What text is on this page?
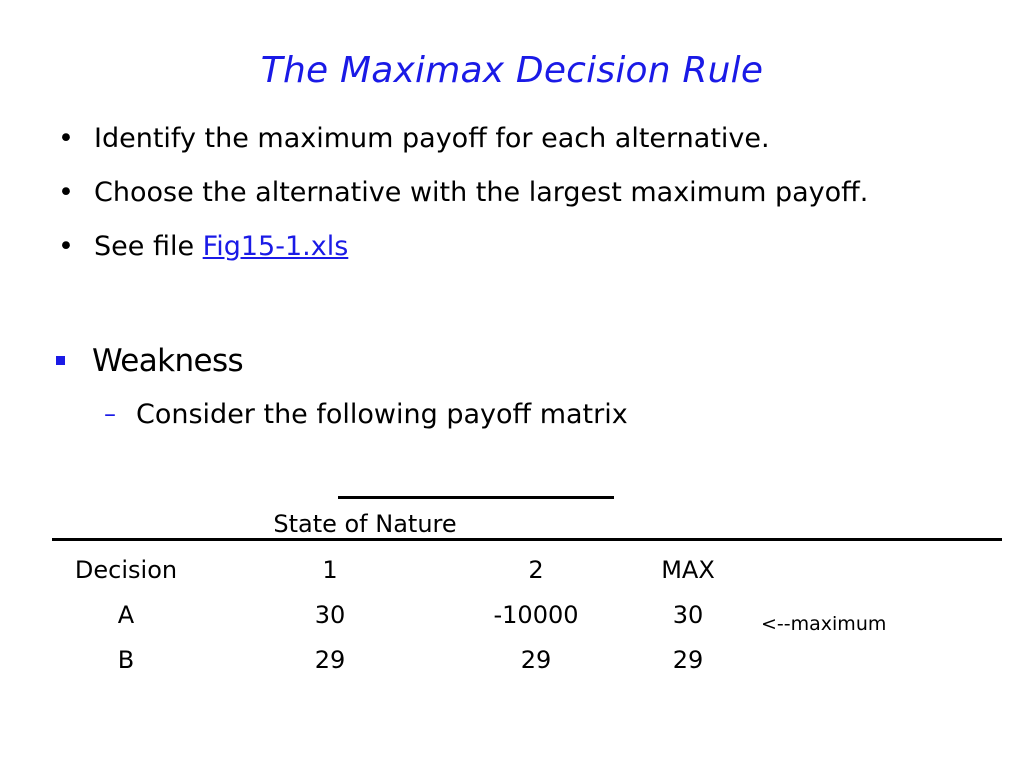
The Maximax Decision Rule
• Identify the maximum payoff for each alternative.
• Choose the alternative with the largest maximum payoff.
• See file Fig15-1.xls
Weakness
– Consider the following payoff matrix
State of Nature
Decision	1	2	MAX
A	30	-10000	30	<--maximum
B	29	29	29
